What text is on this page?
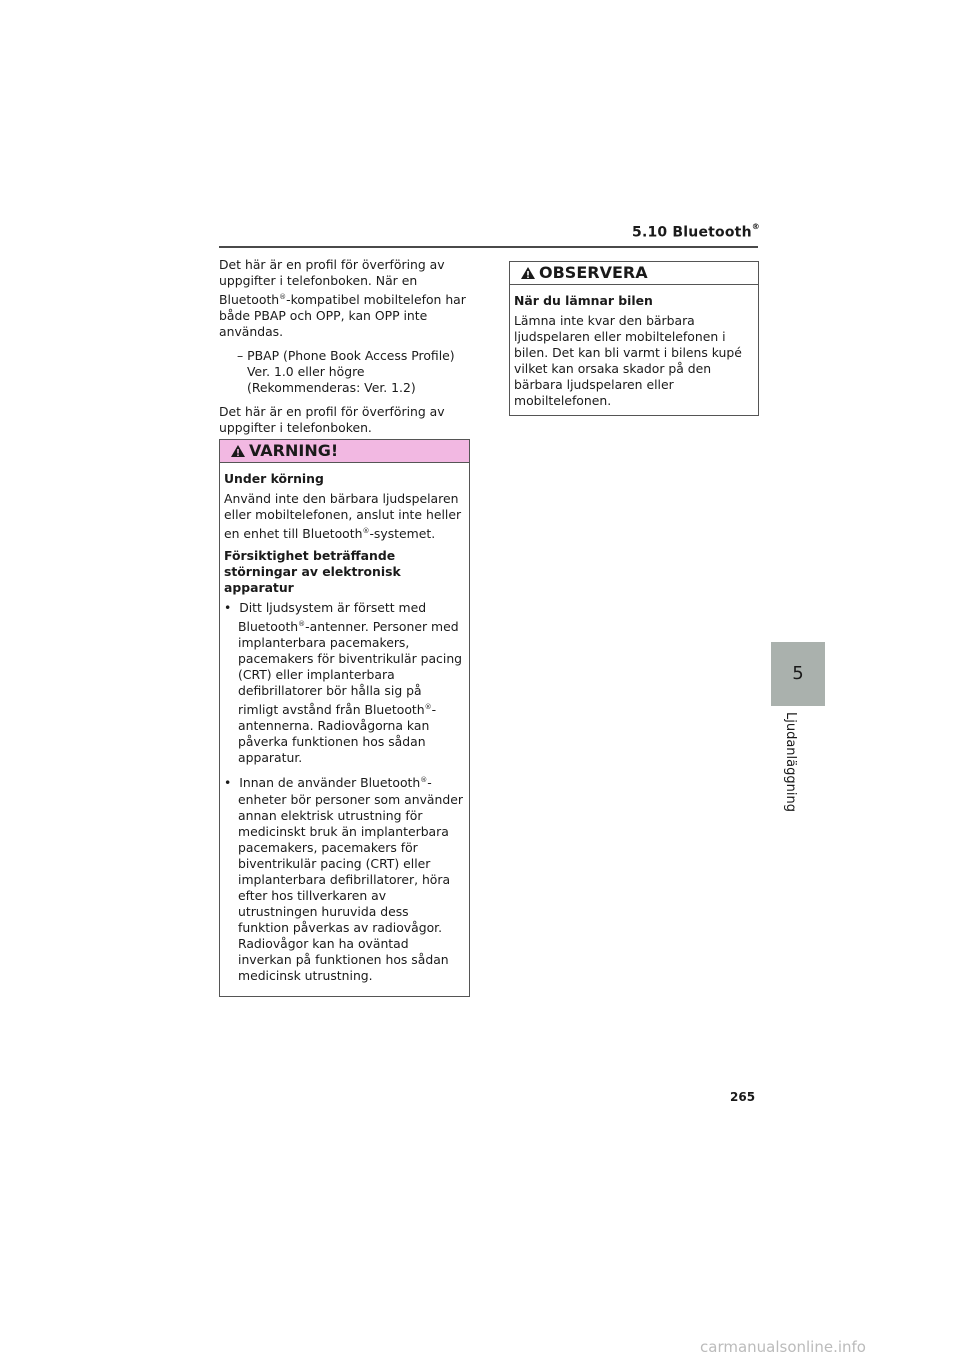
5.10 Bluetooth®

Det här är en profil för överföring av uppgifter i telefonboken. När en Bluetooth®-kompatibel mobiltelefon har både PBAP och OPP, kan OPP inte användas.

– PBAP (Phone Book Access Profile)
Ver. 1.0 eller högre
(Rekommenderas: Ver. 1.2)

Det här är en profil för överföring av uppgifter i telefonboken.

VARNING!
Under körning

Använd inte den bärbara ljudspelaren eller mobiltelefonen, anslut inte heller en enhet till Bluetooth®-systemet.

Försiktighet beträffande störningar av elektronisk apparatur
•  Ditt ljudsystem är försett med Bluetooth®-antenner. Personer med implanterbara pacemakers, pacemakers för biventrikulär pacing (CRT) eller implanterbara defibrillatorer bör hålla sig på rimligt avstånd från Bluetooth®-antennerna. Radiovågorna kan påverka funktionen hos sådan apparatur.
•  Innan de använder Bluetooth®-enheter bör personer som använder annan elektrisk utrustning för medicinskt bruk än implanterbara pacemakers, pacemakers för biventrikulär pacing (CRT) eller implanterbara defibrillatorer, höra efter hos tillverkaren av utrustningen huruvida dess funktion påverkas av radiovågor. Radiovågor kan ha oväntad inverkan på funktionen hos sådan medicinsk utrustning.
OBSERVERA
När du lämnar bilen

Lämna inte kvar den bärbara ljudspelaren eller mobiltelefonen i bilen. Det kan bli varmt i bilens kupé vilket kan orsaka skador på den bärbara ljudspelaren eller mobiltelefonen.

5
Ljudanläggning
265
carmanualsonline.info
